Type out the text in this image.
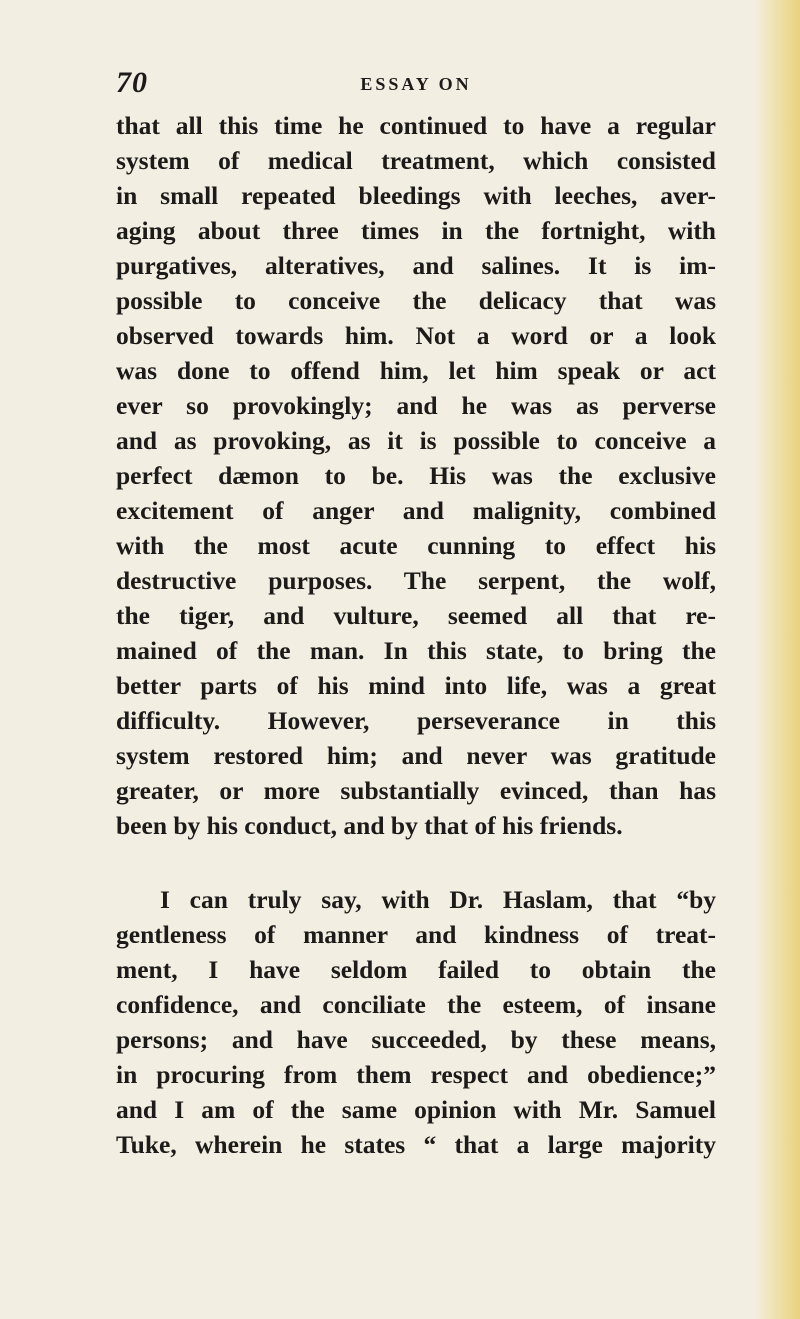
70	ESSAY ON
that all this time he continued to have a regular
system of medical treatment, which consisted
in small repeated bleedings with leeches, aver-
aging about three times in the fortnight, with
purgatives, alteratives, and salines. It is im-
possible to conceive the delicacy that was
observed towards him. Not a word or a look
was done to offend him, let him speak or act
ever so provokingly; and he was as perverse
and as provoking, as it is possible to conceive a
perfect dæmon to be. His was the exclusive
excitement of anger and malignity, combined
with the most acute cunning to effect his
destructive purposes. The serpent, the wolf,
the tiger, and vulture, seemed all that re-
mained of the man. In this state, to bring the
better parts of his mind into life, was a great
difficulty. However, perseverance in this
system restored him; and never was gratitude
greater, or more substantially evinced, than has
been by his conduct, and by that of his friends.
I can truly say, with Dr. Haslam, that “by
gentleness of manner and kindness of treat-
ment, I have seldom failed to obtain the
confidence, and conciliate the esteem, of insane
persons; and have succeeded, by these means,
in procuring from them respect and obedience;”
and I am of the same opinion with Mr. Samuel
Tuke, wherein he states “ that a large majority
